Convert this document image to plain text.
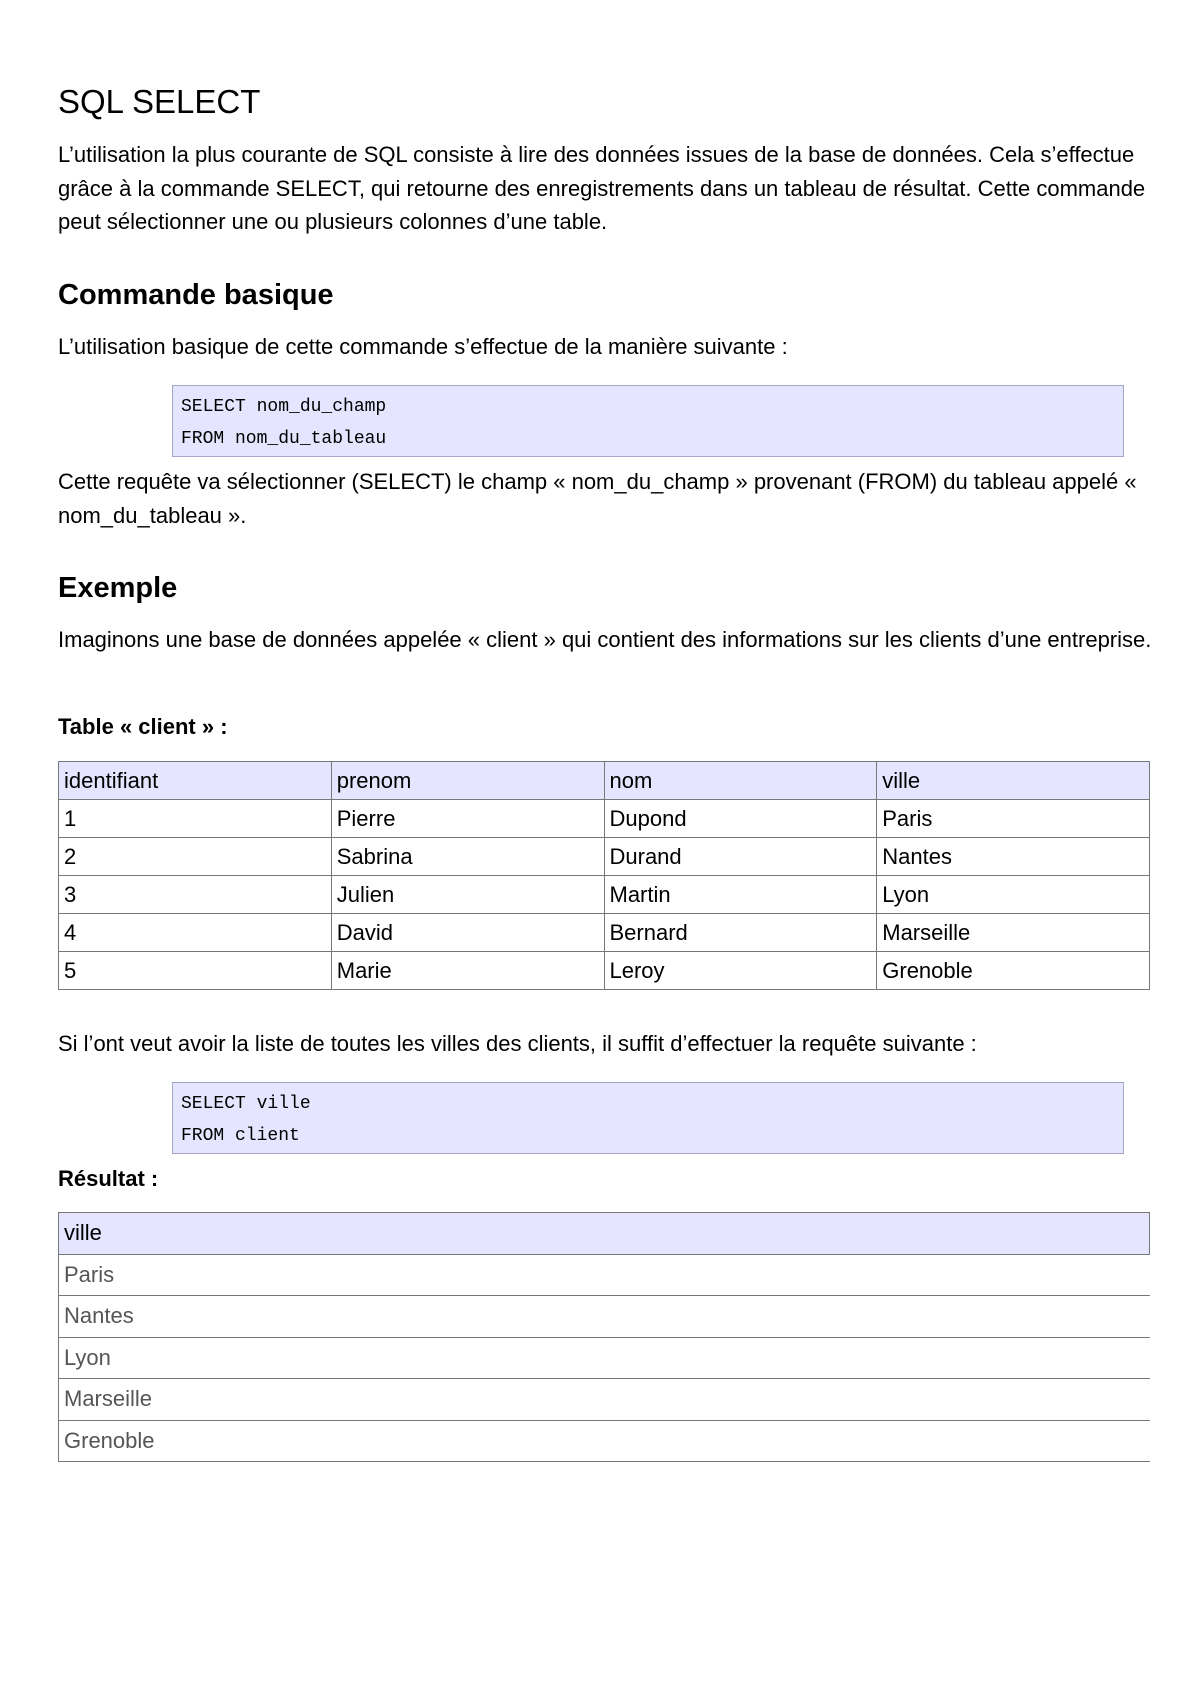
SQL SELECT

L’utilisation la plus courante de SQL consiste à lire des données issues de la base de données. Cela s’effectue grâce à la commande SELECT, qui retourne des enregistrements dans un tableau de résultat. Cette commande peut sélectionner une ou plusieurs colonnes d’une table.

Commande basique

L’utilisation basique de cette commande s’effectue de la manière suivante :

SELECT nom_du_champ
FROM nom_du_tableau

Cette requête va sélectionner (SELECT) le champ « nom_du_champ » provenant (FROM) du tableau appelé « nom_du_tableau ».

Exemple

Imaginons une base de données appelée « client » qui contient des informations sur les clients d’une entreprise.

Table « client » :
identifiant	prenom	nom	ville
1	Pierre	Dupond	Paris
2	Sabrina	Durand	Nantes
3	Julien	Martin	Lyon
4	David	Bernard	Marseille
5	Marie	Leroy	Grenoble

Si l’ont veut avoir la liste de toutes les villes des clients, il suffit d’effectuer la requête suivante :

SELECT ville
FROM client
Résultat :
ville
Paris
Nantes
Lyon
Marseille
Grenoble
